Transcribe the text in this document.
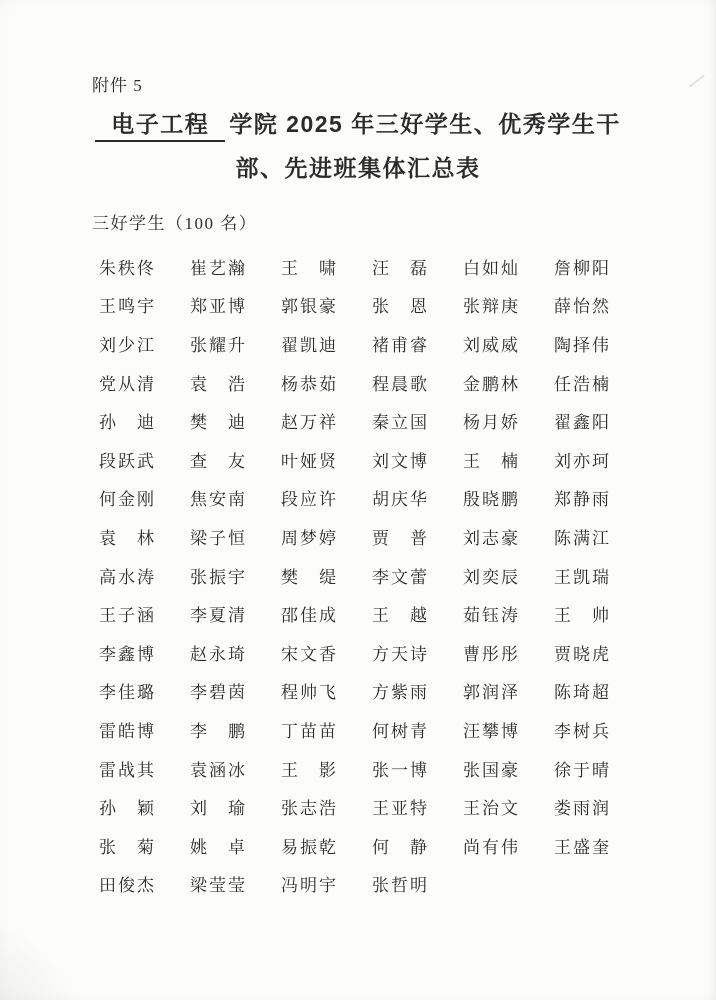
附件 5
电子工程 学院 2025 年三好学生、优秀学生干
部、先进班集体汇总表
三好学生（100 名）
朱秩佟 崔艺瀚 王　啸 汪　磊 白如灿 詹柳阳
王鸣宇 郑亚博 郭银豪 张　恩 张辩庚 薛怡然
刘少江 张耀升 翟凯迪 褚甫睿 刘威威 陶择伟
党从清 袁　浩 杨恭茹 程晨歌 金鹏林 任浩楠
孙　迪 樊　迪 赵万祥 秦立国 杨月娇 翟鑫阳
段跃武 查　友 叶娅贤 刘文博 王　楠 刘亦珂
何金刚 焦安南 段应许 胡庆华 殷晓鹏 郑静雨
袁　林 梁子恒 周梦婷 贾　普 刘志豪 陈满江
高水涛 张振宇 樊　缇 李文蕾 刘奕辰 王凯瑞
王子涵 李夏清 邵佳成 王　越 茹钰涛 王　帅
李鑫博 赵永琦 宋文香 方天诗 曹彤彤 贾晓虎
李佳璐 李碧茵 程帅飞 方紫雨 郭润泽 陈琦超
雷皓博 李　鹏 丁苗苗 何树青 汪攀博 李树兵
雷战其 袁涵冰 王　影 张一博 张国豪 徐于晴
孙　颖 刘　瑜 张志浩 王亚特 王治文 娄雨润
张　菊 姚　卓 易振乾 何　静 尚有伟 王盛奎
田俊杰 梁莹莹 冯明宇 张哲明
